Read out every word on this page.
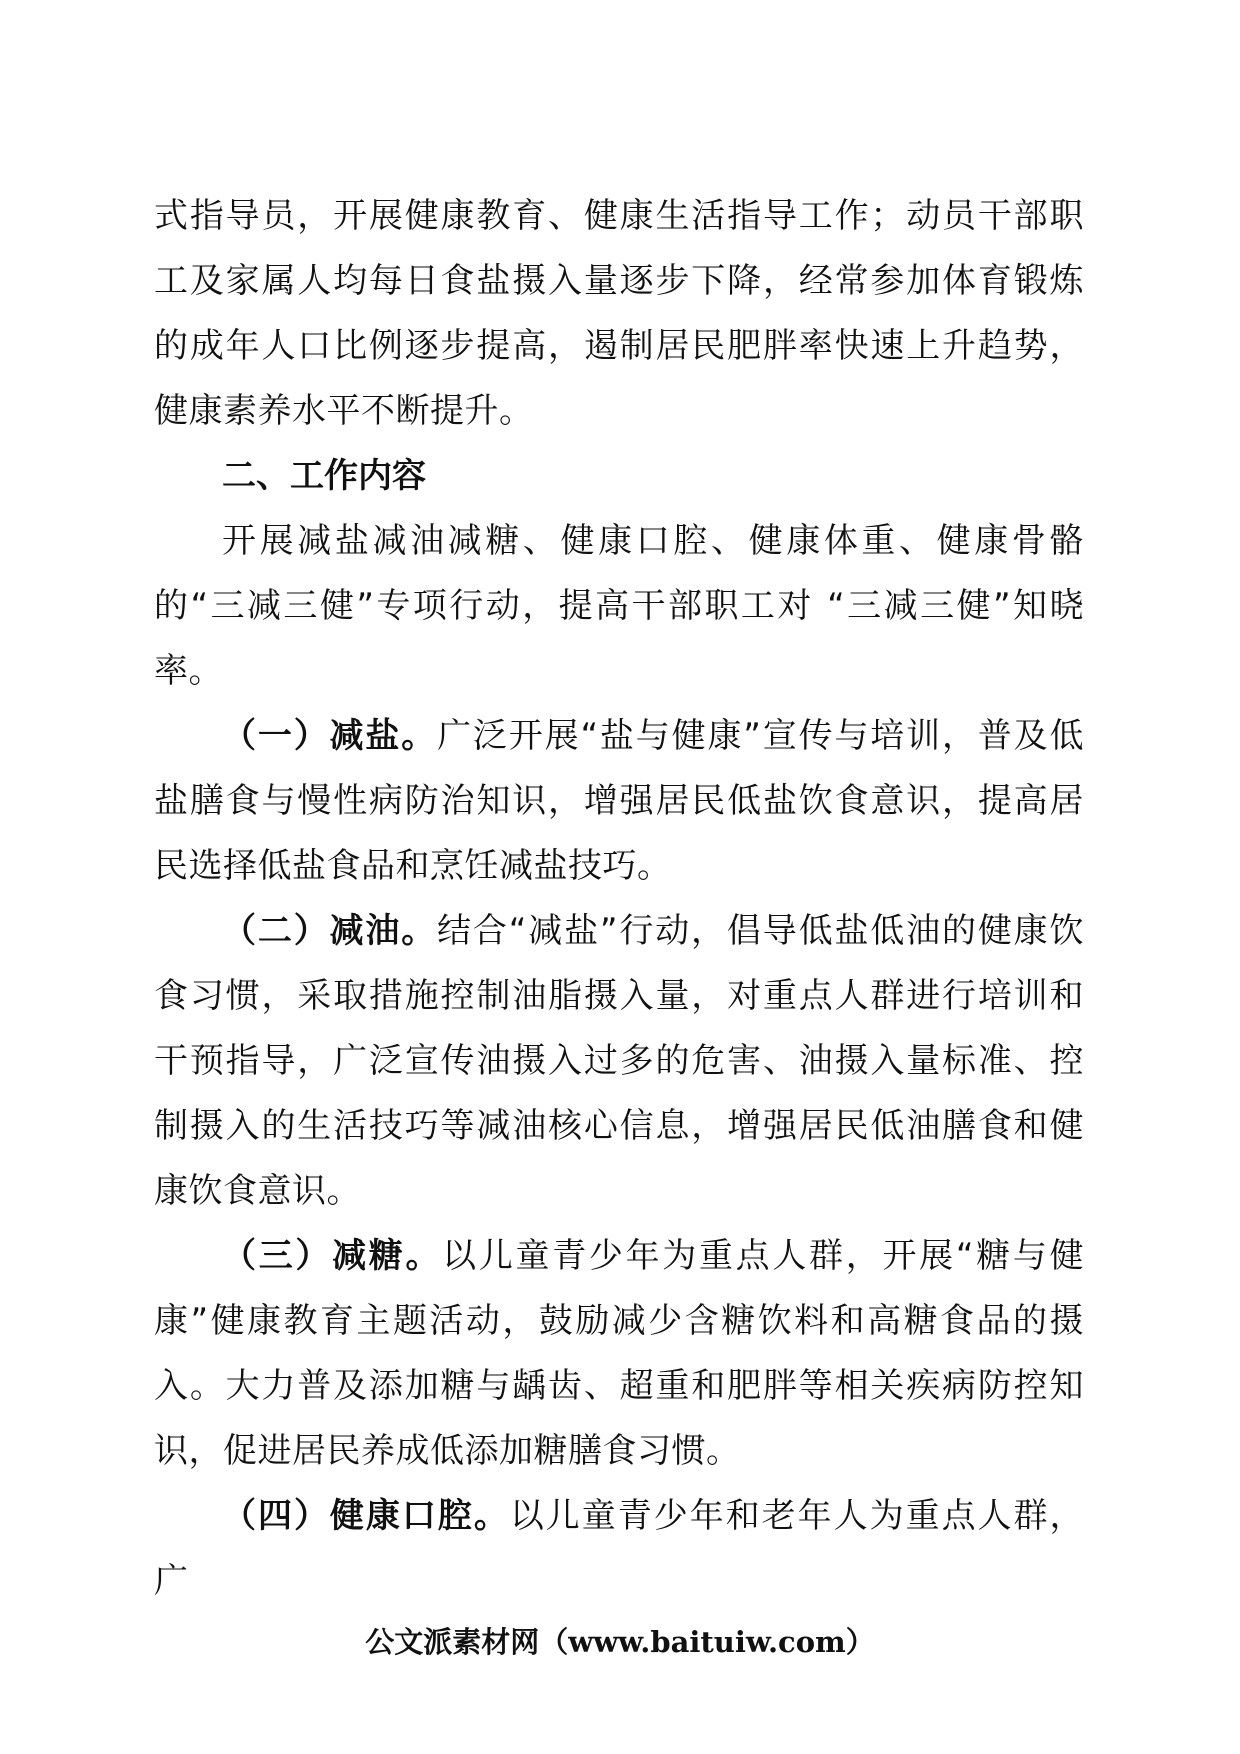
式指导员，开展健康教育、健康生活指导工作；动员干部职工及家属人均每日食盐摄入量逐步下降，经常参加体育锻炼的成年人口比例逐步提高，遏制居民肥胖率快速上升趋势，健康素养水平不断提升。

二、工作内容

开展减盐减油减糖、健康口腔、健康体重、健康骨骼的“三减三健”专项行动，提高干部职工对 “三减三健”知晓率。

（一）减盐。广泛开展“盐与健康”宣传与培训，普及低盐膳食与慢性病防治知识，增强居民低盐饮食意识，提高居民选择低盐食品和烹饪减盐技巧。

（二）减油。结合“减盐”行动，倡导低盐低油的健康饮食习惯，采取措施控制油脂摄入量，对重点人群进行培训和干预指导，广泛宣传油摄入过多的危害、油摄入量标准、控制摄入的生活技巧等减油核心信息，增强居民低油膳食和健康饮食意识。

（三）减糖。以儿童青少年为重点人群，开展“糖与健康”健康教育主题活动，鼓励减少含糖饮料和高糖食品的摄入。大力普及添加糖与龋齿、超重和肥胖等相关疾病防控知识，促进居民养成低添加糖膳食习惯。

（四）健康口腔。以儿童青少年和老年人为重点人群，广

公文派素材网（www.baituiw.com）
